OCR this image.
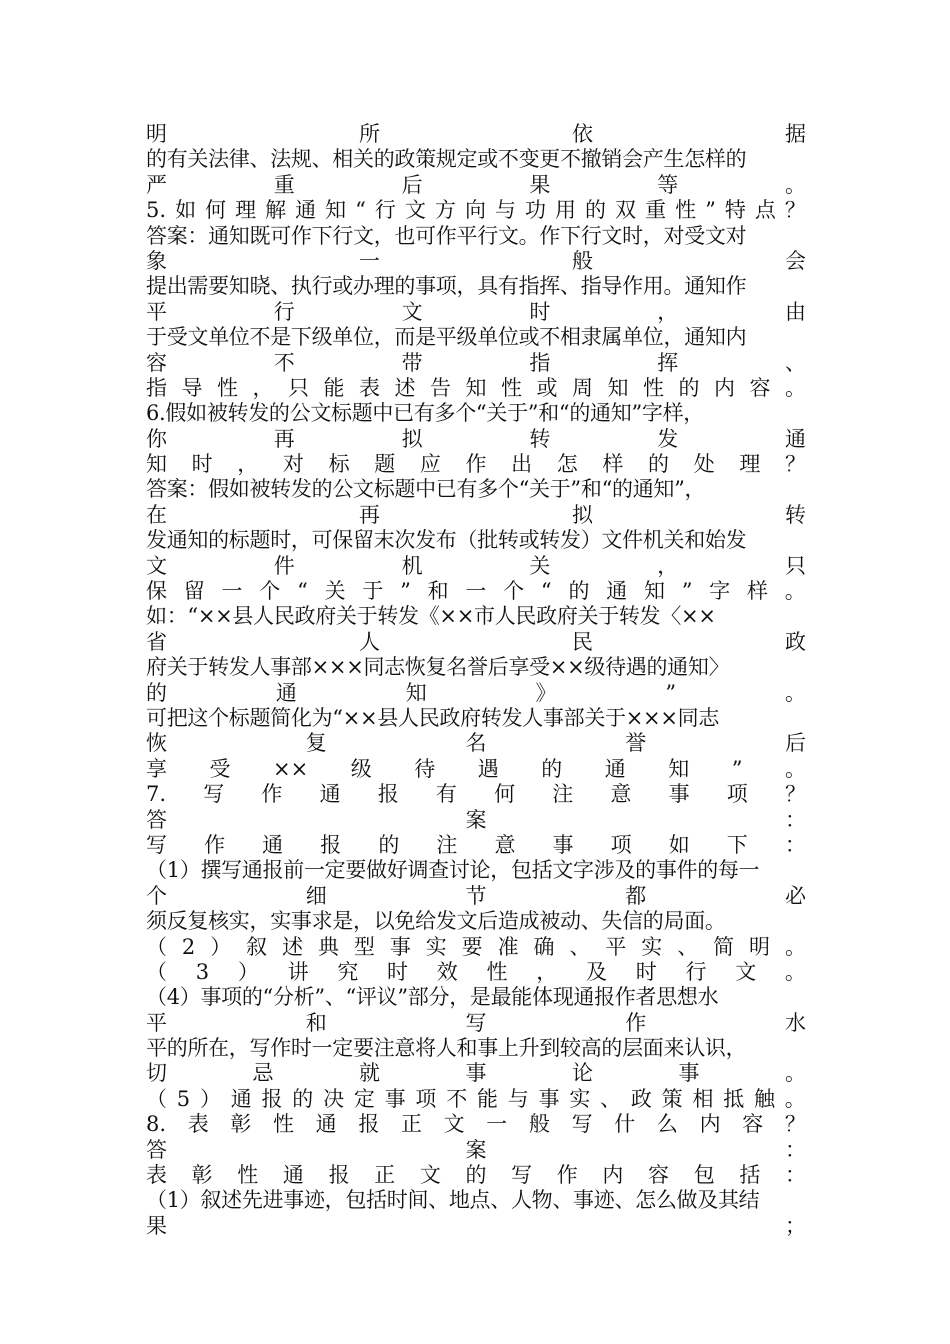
明	所	依	据
的有关法律、法规、相关的政策规定或不变更不撤销会产生怎样的
严	重	后	果	等	。
5. 如 何 理 解 通 知 “ 行 文 方 向 与 功 用 的 双 重 性 ” 特 点 ？
答案：通知既可作下行文，也可作平行文。作下行文时，对受文对
象	一	般	会
提出需要知晓、执行或办理的事项，具有指挥、指导作用。通知作
平	行	文	时	，	由
于受文单位不是下级单位，而是平级单位或不相隶属单位，通知内
容	不	带	指	挥	、
指 导 性 ， 只 能 表 述 告 知 性 或 周 知 性 的 内 容 。
6.假如被转发的公文标题中已有多个“关于”和“的通知”字样，
你	再	拟	转	发	通
知 时 ， 对 标 题 应 作 出 怎 样 的 处 理 ？
答案：假如被转发的公文标题中已有多个“关于”和“的通知”，
在	再	拟	转
发通知的标题时，可保留末次发布（批转或转发）文件机关和始发
文	件	机	关	，	只
保 留 一 个 “ 关 于 ” 和 一 个 “ 的 通 知 ” 字 样 。
如：“××县人民政府关于转发《××市人民政府关于转发〈××
省	人	民	政
府关于转发人事部×××同志恢复名誉后享受××级待遇的通知〉
的	通	知	》	”	。
可把这个标题简化为“××县人民政府转发人事部关于×××同志
恢	复	名	誉	后
享 受 ×× 级 待 遇 的 通 知 ” 。
7. 写 作 通 报 有 何 注 意 事 项 ？
答	案	：
写 作 通 报 的 注 意 事 项 如 下 ：
（1）撰写通报前一定要做好调查讨论，包括文字涉及的事件的每一
个	细	节	都	必
须反复核实，实事求是，以免给发文后造成被动、失信的局面。
（ 2 ） 叙 述 典 型 事 实 要 准 确 、 平 实 、 简 明 。
（ 3 ） 讲 究 时 效 性 ， 及 时 行 文 。
（4）事项的“分析”、“评议”部分，是最能体现通报作者思想水
平	和	写	作	水
平的所在，写作时一定要注意将人和事上升到较高的层面来认识，
切	忌	就	事	论	事	。
（ 5 ） 通 报 的 决 定 事 项 不 能 与 事 实 、 政 策 相 抵 触 。
8. 表 彰 性 通 报 正 文 一 般 写 什 么 内 容 ？
答	案	：
表 彰 性 通 报 正 文 的 写 作 内 容 包 括 ：
（1）叙述先进事迹，包括时间、地点、人物、事迹、怎么做及其结
果	；
